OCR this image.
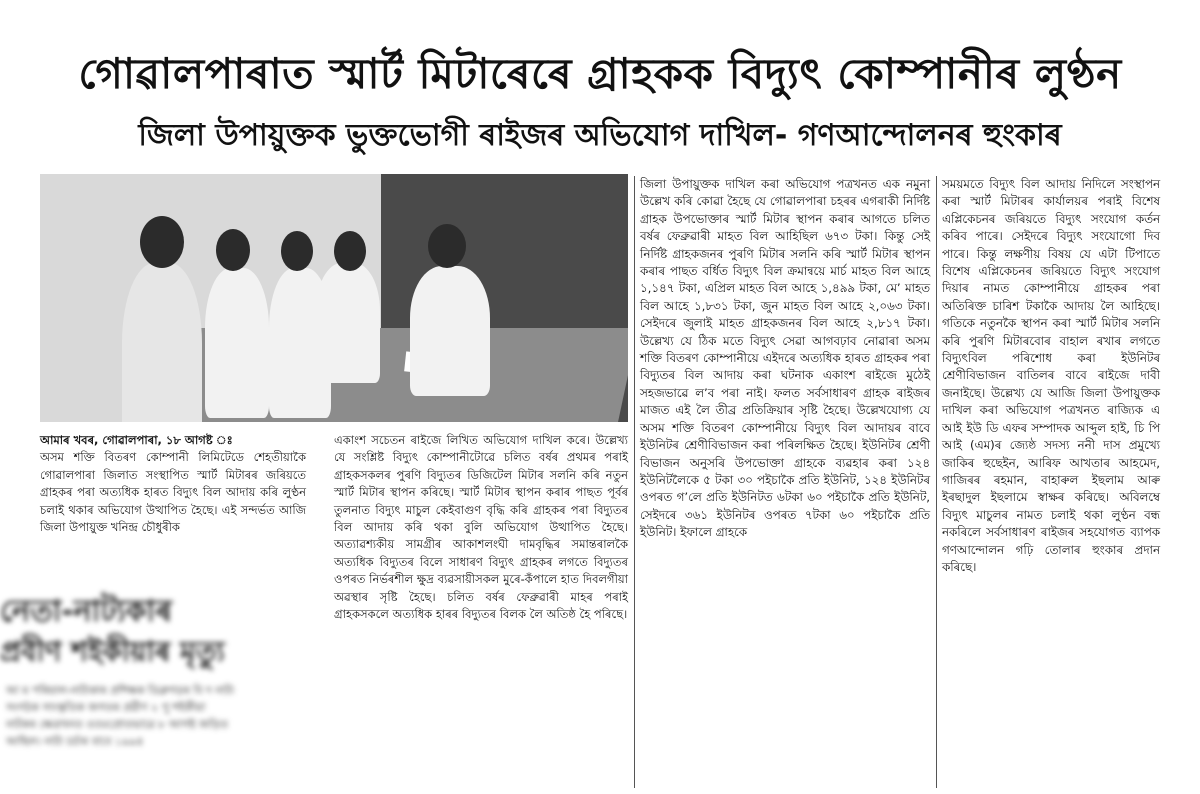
গোৱালপাৰাত স্মাৰ্ট মিটাৰেৰে গ্ৰাহকক বিদ্যুৎ কোম্পানীৰ লুণ্ঠন
জিলা উপায়ুক্তক ভুক্তভোগী ৰাইজৰ অভিযোগ দাখিল- গণআন্দোলনৰ হুংকাৰ

আমাৰ খবৰ, গোৱালপাৰা, ১৮ আগষ্ট ঃ

অসম শক্তি বিতৰণ কোম্পানী লিমিটেডে শেহতীয়াকৈ গোৱালপাৰা জিলাত সংস্থাপিত স্মাৰ্ট মিটাৰৰ জৰিয়তে গ্ৰাহকৰ পৰা অত্যধিক হাৰত বিদ্যুৎ বিল আদায় কৰি লুণ্ঠন চলাই থকাৰ অভিযোগ উত্থাপিত হৈছে। এই সন্দৰ্ভত আজি জিলা উপায়ুক্ত খনিন্দ্ৰ চৌধুৰীক

একাংশ সচেতন ৰাইজে লিখিত অভিযোগ দাখিল কৰে। উল্লেখ্য যে সংশ্লিষ্ট বিদ্যুৎ কোম্পানীটোৱে চলিত বৰ্ষৰ প্ৰথমৰ পৰাই গ্ৰাহকসকলৰ পুৰণি বিদ্যুতৰ ডিজিটেল মিটাৰ সলনি কৰি নতুন স্মাৰ্ট মিটাৰ স্থাপন কৰিছে। স্মাৰ্ট মিটাৰ স্থাপন কৰাৰ পাছত পূৰ্বৰ তুলনাত বিদ্যুৎ মাচুল কেইবাগুণ বৃদ্ধি কৰি গ্ৰাহকৰ পৰা বিদ্যুতৰ বিল আদায় কৰি থকা বুলি অভিযোগ উত্থাপিত হৈছে। অত্যাৱশ্যকীয় সামগ্ৰীৰ আকাশলংঘী দামবৃদ্ধিৰ সমান্তৰালকৈ অত্যধিক বিদ্যুতৰ বিলে সাধাৰণ বিদ্যুৎ গ্ৰাহকৰ লগতে বিদ্যুতৰ ওপৰত নিৰ্ভৰশীল ক্ষুদ্ৰ ব্যৱসায়ীসকল মুৰে-কঁপালে হাত দিবলগীয়া অৱস্থাৰ সৃষ্টি হৈছে। চলিত বৰ্ষৰ ফেব্ৰুৱাৰী মাহৰ পৰাই গ্ৰাহকসকলে অত্যধিক হাৰৰ বিদ্যুতৰ বিলক লৈ অতিষ্ঠ হৈ পৰিছে।
জিলা উপায়ুক্তক দাখিল কৰা অভিযোগ পত্ৰখনত এক নমুনা উল্লেখ কৰি কোৱা হৈছে যে গোৱালপাৰা চহৰৰ এগৰাকী নিৰ্দিষ্ট গ্ৰাহক উপভোক্তাৰ স্মাৰ্ট মিটাৰ স্থাপন কৰাৰ আগতে চলিত বৰ্ষৰ ফেব্ৰুৱাৰী মাহত বিল আহিছিল ৬৭৩ টকা। কিন্তু সেই নিৰ্দিষ্ট গ্ৰাহকজনৰ পুৰণি মিটাৰ সলনি কৰি স্মাৰ্ট মিটাৰ স্থাপন কৰাৰ পাছত বৰ্ধিত বিদ্যুৎ বিল ক্ৰমান্বয়ে মাৰ্চ মাহত বিল আহে ১,১৪৭ টকা, এপ্ৰিল মাহত বিল আহে ১,৪৯৯ টকা, মে’ মাহত বিল আহে ১,৮৩১ টকা, জুন মাহত বিল আহে ২,০৬৩ টকা। সেইদৰে জুলাই মাহত গ্ৰাহকজনৰ বিল আহে ২,৮১৭ টকা। উল্লেখ্য যে ঠিক মতে বিদ্যুৎ সেৱা আগবঢ়াব নোৱাৰা অসম শক্তি বিতৰণ কোম্পানীয়ে এইদৰে অত্যধিক হাৰত গ্ৰাহকৰ পৰা বিদ্যুতৰ বিল আদায় কৰা ঘটনাক একাংশ ৰাইজে মুঠেই সহজভাৱে ল’ব পৰা নাই। ফলত সৰ্বসাধাৰণ গ্ৰাহক ৰাইজৰ মাজত এই লৈ তীব্ৰ প্ৰতিক্ৰিয়াৰ সৃষ্টি হৈছে। উল্লেখযোগ্য যে অসম শক্তি বিতৰণ কোম্পানীয়ে বিদ্যুৎ বিল আদায়ৰ বাবে ইউনিটৰ শ্ৰেণীবিভাজন কৰা পৰিলক্ষিত হৈছে। ইউনিটৰ শ্ৰেণী বিভাজন অনুসৰি উপভোক্তা গ্ৰাহকে ব্যৱহাৰ কৰা ১২৪ ইউনিটলৈকে ৫ টকা ৩০ পইচাকৈ প্ৰতি ইউনিট, ১২৪ ইউনিটৰ ওপৰত গ’লে প্ৰতি ইউনিটত ৬টকা ৬০ পইচাকৈ প্ৰতি ইউনিট, সেইদৰে ৩৬১ ইউনিটৰ ওপৰত ৭টকা ৬০ পইচাকৈ প্ৰতি ইউনিট। ইফালে গ্ৰাহকে
সময়মতে বিদ্যুৎ বিল আদায় নিদিলে সংস্থাপন কৰা স্মাৰ্ট মিটাৰৰ কাৰ্যালয়ৰ পৰাই বিশেষ এপ্লিকেচনৰ জৰিয়তে বিদ্যুৎ সংযোগ কৰ্তন কৰিব পাৰে। সেইদৰে বিদ্যুৎ সংযোগো দিব পাৰে। কিন্তু লক্ষণীয় বিষয় যে এটা টিপাতে বিশেষ এপ্লিকেচনৰ জৰিয়তে বিদ্যুৎ সংযোগ দিয়াৰ নামত কোম্পানীয়ে গ্ৰাহকৰ পৰা অতিৰিক্ত চাৰিশ টকাকৈ আদায় লৈ আহিছে। গতিকে নতুনকৈ স্থাপন কৰা স্মাৰ্ট মিটাৰ সলনি কৰি পুৰণি মিটাৰবোৰ বাহাল ৰখাৰ লগতে বিদ্যুৎবিল পৰিশোধ কৰা ইউনিটৰ শ্ৰেণীবিভাজন বাতিলৰ বাবে ৰাইজে দাবী জনাইছে। উল্লেখ্য যে আজি জিলা উপায়ুক্তক দাখিল কৰা অভিযোগ পত্ৰখনত ৰাজ্যিক এ আই ইউ ডি এফৰ সম্পাদক আব্দুল হাই, চি পি আই (এম)ৰ জ্যেষ্ঠ সদস্য ননী দাস প্ৰমুখ্যে জাকিৰ হুছেইন, আৰিফ আখতাৰ আহমেদ, গাজিৰৰ ৰহমান, বাহাৰুল ইছলাম আৰু ইৰছাদুল ইছলামে স্বাক্ষৰ কৰিছে। অবিলম্বে বিদ্যুৎ মাচুলৰ নামত চলাই থকা লুণ্ঠন বন্ধ নকৰিলে সৰ্বসাধাৰণ ৰাইজৰ সহযোগত ব্যাপক গণআন্দোলন গঢ়ি তোলাৰ হুংকাৰ প্ৰদান কৰিছে।
নেতা-নাট্যকাৰ
প্ৰবীণ শইকীয়াৰ মৃত্যু
আ ম পৰিয়াল-নাট্যকাৰ প্ৰশিক্ষক ডিব্ৰুগড়ৰ বি দ নাট্য সংগঠক সাংস্কৃতিক জগতৰ প্ৰৱীণ ২ পু শইকীয়া নাটকৰ ক্ষেত্ৰখনত ওতঃপ্ৰোতভাৱে ৮ আগষ্ট জড়িত আছিল। নাট্য চৰ্চাৰ বাবে ১৯৯৪
